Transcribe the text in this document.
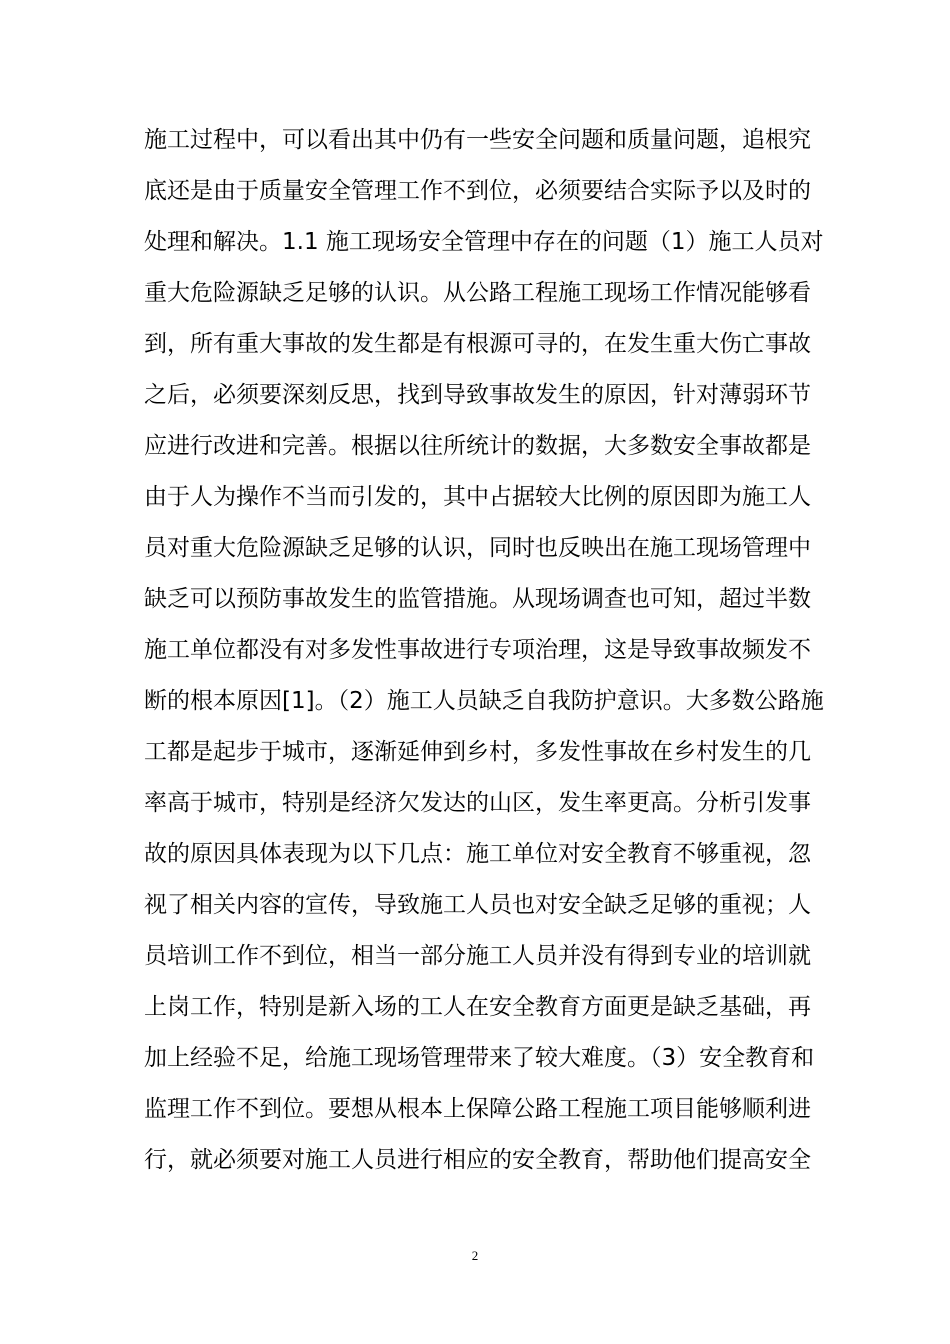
施工过程中，可以看出其中仍有一些安全问题和质量问题，追根究
底还是由于质量安全管理工作不到位，必须要结合实际予以及时的
处理和解决。1.1 施工现场安全管理中存在的问题（1）施工人员对
重大危险源缺乏足够的认识。从公路工程施工现场工作情况能够看
到，所有重大事故的发生都是有根源可寻的，在发生重大伤亡事故
之后，必须要深刻反思，找到导致事故发生的原因，针对薄弱环节
应进行改进和完善。根据以往所统计的数据，大多数安全事故都是
由于人为操作不当而引发的，其中占据较大比例的原因即为施工人
员对重大危险源缺乏足够的认识，同时也反映出在施工现场管理中
缺乏可以预防事故发生的监管措施。从现场调查也可知，超过半数
施工单位都没有对多发性事故进行专项治理，这是导致事故频发不
断的根本原因[1]。（2）施工人员缺乏自我防护意识。大多数公路施
工都是起步于城市，逐渐延伸到乡村，多发性事故在乡村发生的几
率高于城市，特别是经济欠发达的山区，发生率更高。分析引发事
故的原因具体表现为以下几点：施工单位对安全教育不够重视，忽
视了相关内容的宣传，导致施工人员也对安全缺乏足够的重视；人
员培训工作不到位，相当一部分施工人员并没有得到专业的培训就
上岗工作，特别是新入场的工人在安全教育方面更是缺乏基础，再
加上经验不足，给施工现场管理带来了较大难度。（3）安全教育和
监理工作不到位。要想从根本上保障公路工程施工项目能够顺利进
行，就必须要对施工人员进行相应的安全教育，帮助他们提高安全
2
